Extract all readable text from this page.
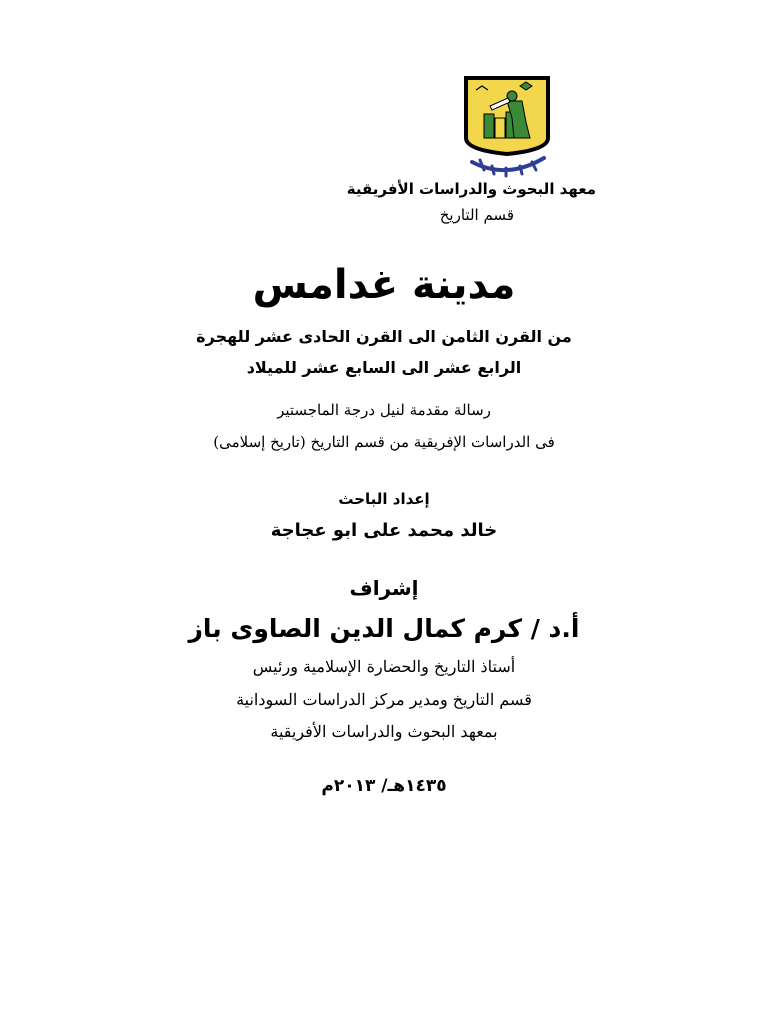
معهد البحوث والدراسات الأفريقية
قسم التاريخ
مدينة غدامس
من القرن الثامن الى القرن الحادى عشر للهجرة
الرابع عشر الى السابع عشر للميلاد
رسالة مقدمة لنيل درجة الماجستير
فى الدراسات الإفريقية من قسم التاريخ (تاريخ إسلامى)
إعداد الباحث
خالد محمد على ابو عجاجة
إشراف
أ.د / كرم كمال الدين الصاوى باز
أستاذ التاريخ والحضارة الإسلامية ورئيس
قسم التاريخ ومدير مركز الدراسات السودانية
بمعهد البحوث والدراسات الأفريقية
١٤٣٥هـ/ ٢٠١٣م
